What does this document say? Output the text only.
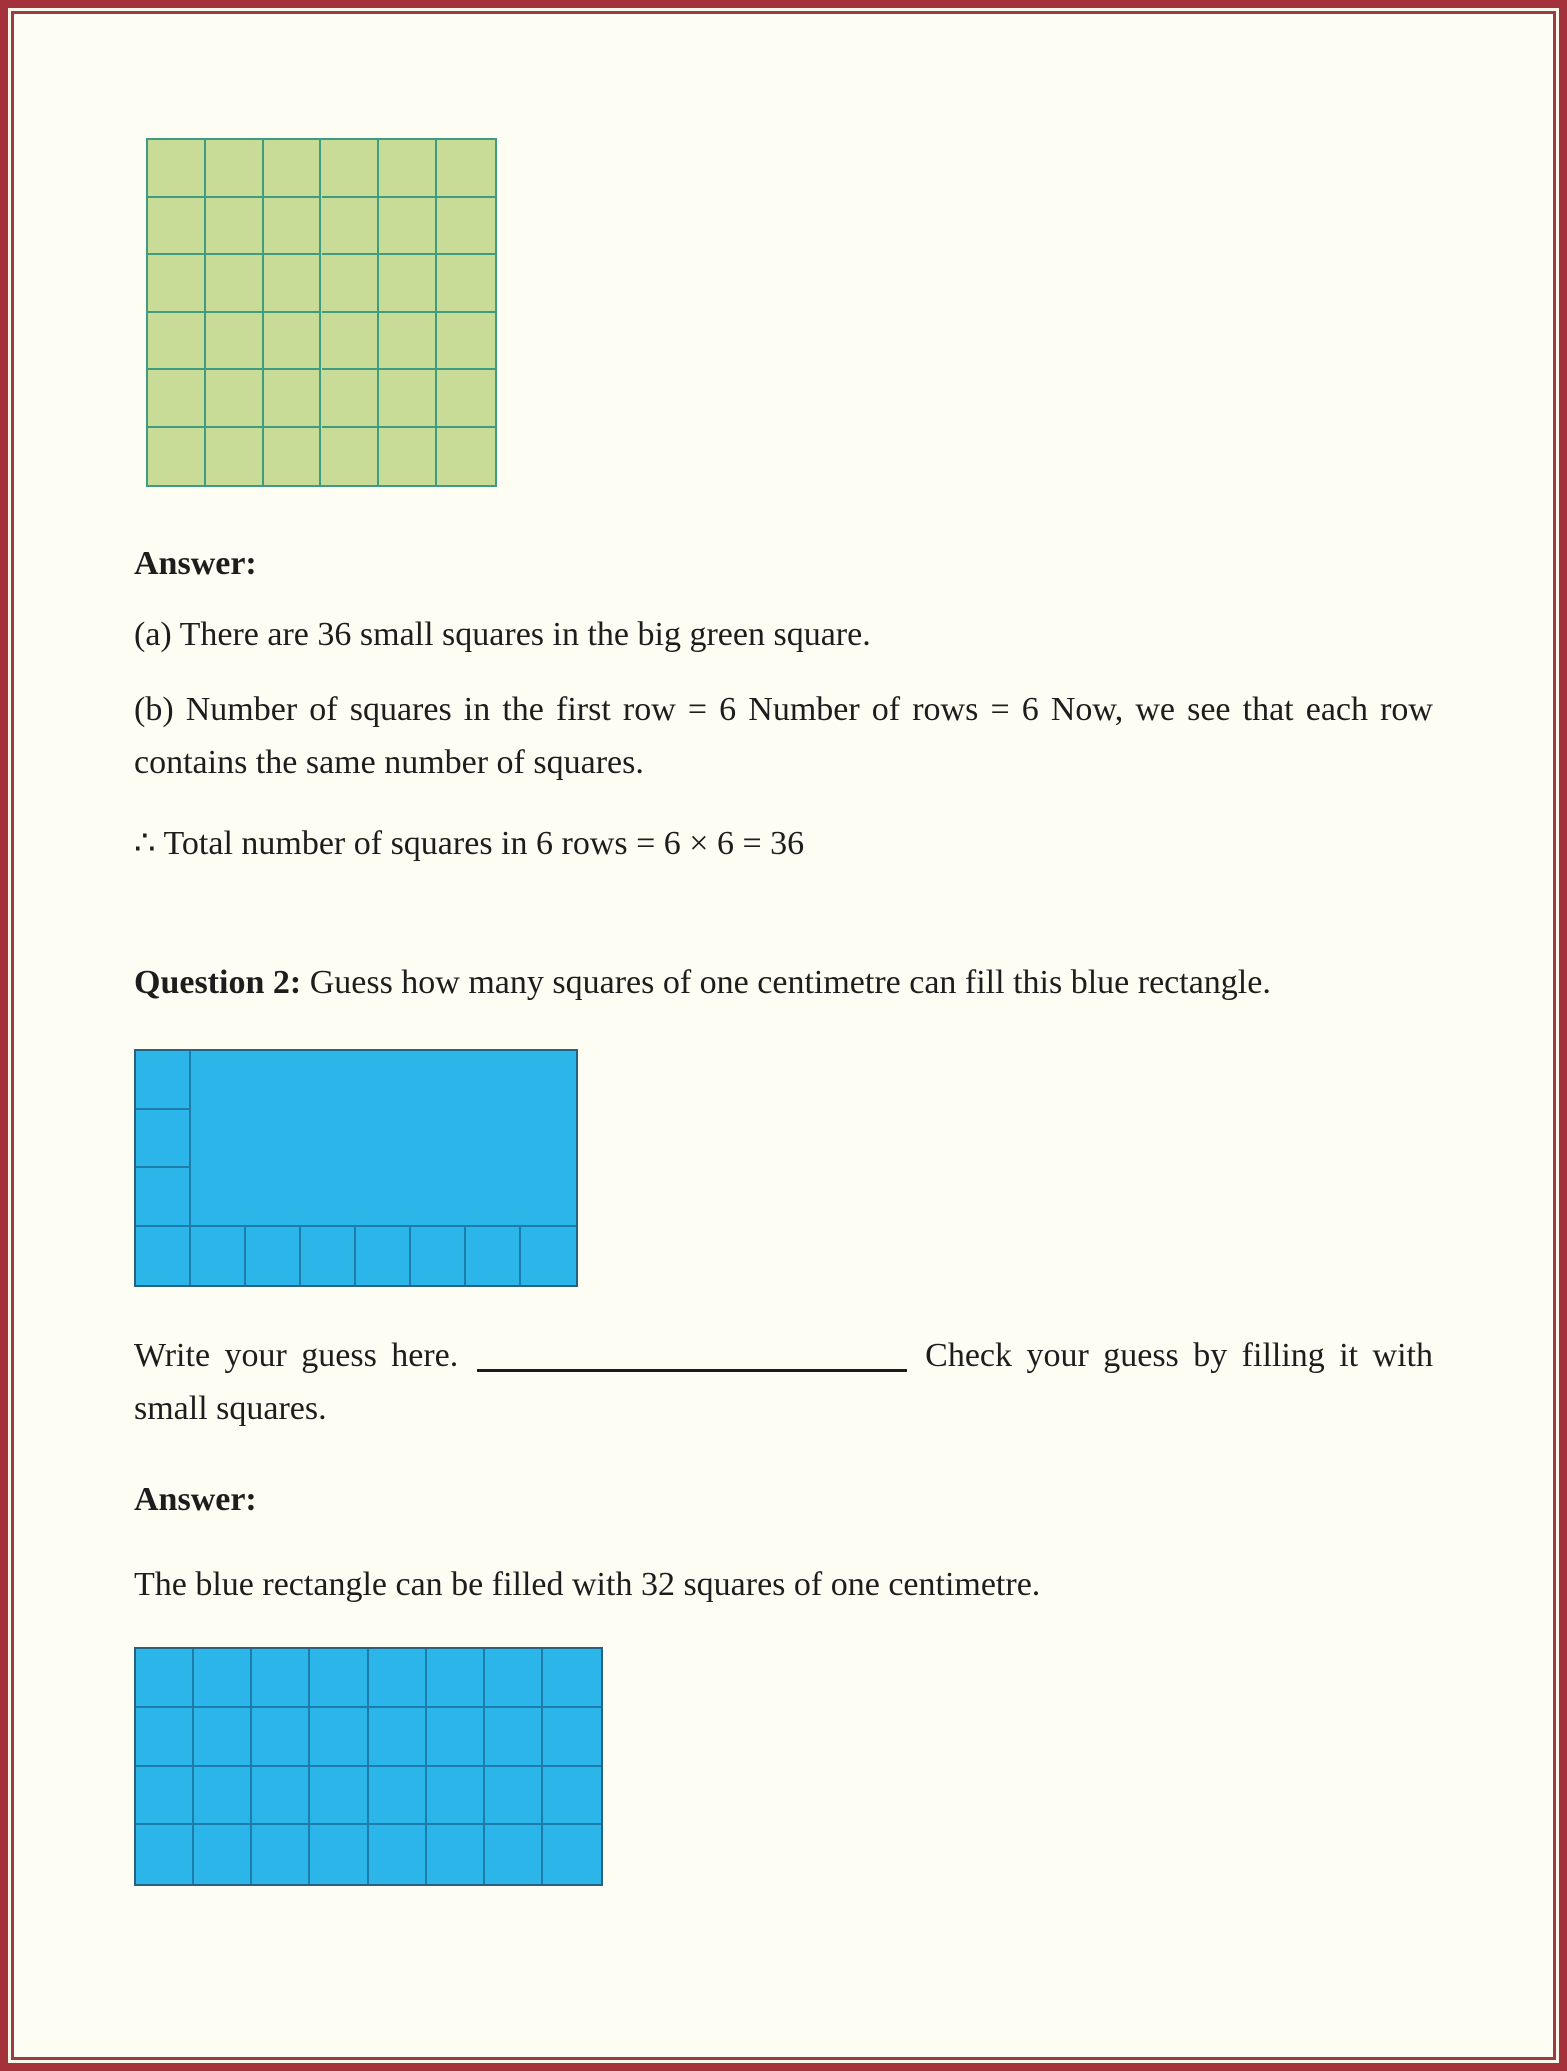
Answer:

(a) There are 36 small squares in the big green square.

(b) Number of squares in the first row = 6 Number of rows = 6 Now, we see that each row contains the same number of squares.

∴ Total number of squares in 6 rows = 6 × 6 = 36

Question 2: Guess how many squares of one centimetre can fill this blue rectangle.

Write your guess here.	Check your guess by filling it with small squares.

Answer:

The blue rectangle can be filled with 32 squares of one centimetre.
